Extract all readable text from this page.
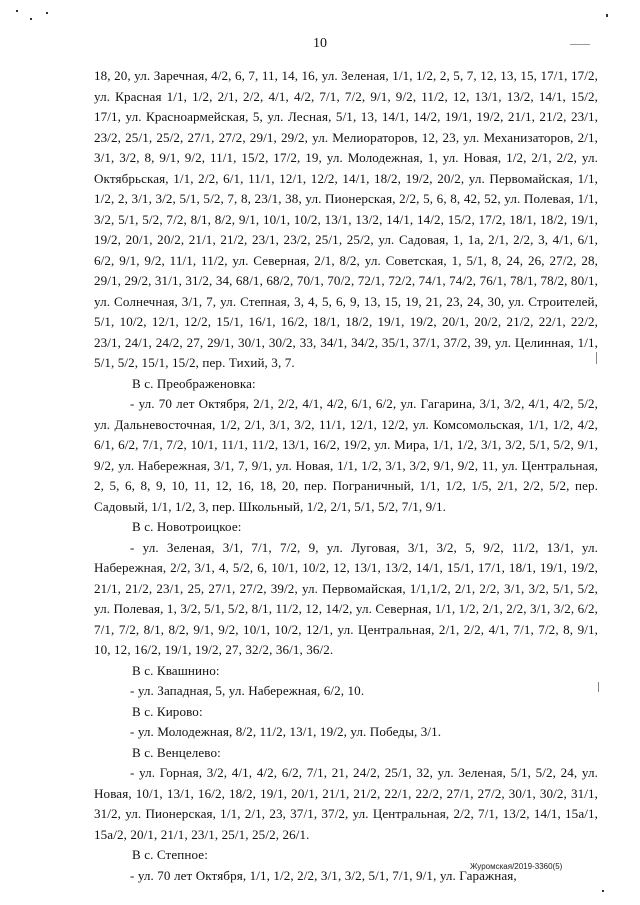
10

18, 20, ул. Заречная, 4/2, 6, 7, 11, 14, 16, ул. Зеленая, 1/1, 1/2, 2, 5, 7, 12, 13, 15, 17/1, 17/2, ул. Красная 1/1, 1/2, 2/1, 2/2, 4/1, 4/2, 7/1, 7/2, 9/1, 9/2, 11/2, 12, 13/1, 13/2, 14/1, 15/2, 17/1, ул. Красноармейская, 5, ул. Лесная, 5/1, 13, 14/1, 14/2, 19/1, 19/2, 21/1, 21/2, 23/1, 23/2, 25/1, 25/2, 27/1, 27/2, 29/1, 29/2, ул. Мелиораторов, 12, 23, ул. Механизаторов, 2/1, 3/1, 3/2, 8, 9/1, 9/2, 11/1, 15/2, 17/2, 19, ул. Молодежная, 1, ул. Новая, 1/2, 2/1, 2/2, ул. Октябрьская, 1/1, 2/2, 6/1, 11/1, 12/1, 12/2, 14/1, 18/2, 19/2, 20/2, ул. Первомайская, 1/1, 1/2, 2, 3/1, 3/2, 5/1, 5/2, 7, 8, 23/1, 38, ул. Пионерская, 2/2, 5, 6, 8, 42, 52, ул. Полевая, 1/1, 3/2, 5/1, 5/2, 7/2, 8/1, 8/2, 9/1, 10/1, 10/2, 13/1, 13/2, 14/1, 14/2, 15/2, 17/2, 18/1, 18/2, 19/1, 19/2, 20/1, 20/2, 21/1, 21/2, 23/1, 23/2, 25/1, 25/2, ул. Садовая, 1, 1а, 2/1, 2/2, 3, 4/1, 6/1, 6/2, 9/1, 9/2, 11/1, 11/2, ул. Северная, 2/1, 8/2, ул. Советская, 1, 5/1, 8, 24, 26, 27/2, 28, 29/1, 29/2, 31/1, 31/2, 34, 68/1, 68/2, 70/1, 70/2, 72/1, 72/2, 74/1, 74/2, 76/1, 78/1, 78/2, 80/1, ул. Солнечная, 3/1, 7, ул. Степная, 3, 4, 5, 6, 9, 13, 15, 19, 21, 23, 24, 30, ул. Строителей, 5/1, 10/2, 12/1, 12/2, 15/1, 16/1, 16/2, 18/1, 18/2, 19/1, 19/2, 20/1, 20/2, 21/2, 22/1, 22/2, 23/1, 24/1, 24/2, 27, 29/1, 30/1, 30/2, 33, 34/1, 34/2, 35/1, 37/1, 37/2, 39, ул. Целинная, 1/1, 5/1, 5/2, 15/1, 15/2, пер. Тихий, 3, 7.

В с. Преображеновка:

- ул. 70 лет Октября, 2/1, 2/2, 4/1, 4/2, 6/1, 6/2, ул. Гагарина, 3/1, 3/2, 4/1, 4/2, 5/2, ул. Дальневосточная, 1/2, 2/1, 3/1, 3/2, 11/1, 12/1, 12/2, ул. Комсомольская, 1/1, 1/2, 4/2, 6/1, 6/2, 7/1, 7/2, 10/1, 11/1, 11/2, 13/1, 16/2, 19/2, ул. Мира, 1/1, 1/2, 3/1, 3/2, 5/1, 5/2, 9/1, 9/2, ул. Набережная, 3/1, 7, 9/1, ул. Новая, 1/1, 1/2, 3/1, 3/2, 9/1, 9/2, 11, ул. Центральная, 2, 5, 6, 8, 9, 10, 11, 12, 16, 18, 20, пер. Пограничный, 1/1, 1/2, 1/5, 2/1, 2/2, 5/2, пер. Садовый, 1/1, 1/2, 3, пер. Школьный, 1/2, 2/1, 5/1, 5/2, 7/1, 9/1.

В с. Новотроицкое:

- ул. Зеленая, 3/1, 7/1, 7/2, 9, ул. Луговая, 3/1, 3/2, 5, 9/2, 11/2, 13/1, ул. Набережная, 2/2, 3/1, 4, 5/2, 6, 10/1, 10/2, 12, 13/1, 13/2, 14/1, 15/1, 17/1, 18/1, 19/1, 19/2, 21/1, 21/2, 23/1, 25, 27/1, 27/2, 39/2, ул. Первомайская, 1/1,1/2, 2/1, 2/2, 3/1, 3/2, 5/1, 5/2, ул. Полевая, 1, 3/2, 5/1, 5/2, 8/1, 11/2, 12, 14/2, ул. Северная, 1/1, 1/2, 2/1, 2/2, 3/1, 3/2, 6/2, 7/1, 7/2, 8/1, 8/2, 9/1, 9/2, 10/1, 10/2, 12/1, ул. Центральная, 2/1, 2/2, 4/1, 7/1, 7/2, 8, 9/1, 10, 12, 16/2, 19/1, 19/2, 27, 32/2, 36/1, 36/2.

В с. Квашнино:

- ул. Западная, 5, ул. Набережная, 6/2, 10.

В с. Кирово:

- ул. Молодежная, 8/2, 11/2, 13/1, 19/2, ул. Победы, 3/1.

В с. Венцелево:

- ул. Горная, 3/2, 4/1, 4/2, 6/2, 7/1, 21, 24/2, 25/1, 32, ул. Зеленая, 5/1, 5/2, 24, ул. Новая, 10/1, 13/1, 16/2, 18/2, 19/1, 20/1, 21/1, 21/2, 22/1, 22/2, 27/1, 27/2, 30/1, 30/2, 31/1, 31/2, ул. Пионерская, 1/1, 2/1, 23, 37/1, 37/2, ул. Центральная, 2/2, 7/1, 13/2, 14/1, 15а/1, 15а/2, 20/1, 21/1, 23/1, 25/1, 25/2, 26/1.

В с. Степное:

- ул. 70 лет Октября, 1/1, 1/2, 2/2, 3/1, 3/2, 5/1, 7/1, 9/1, ул. Гаражная,

Журомская/2019-3360(5)
